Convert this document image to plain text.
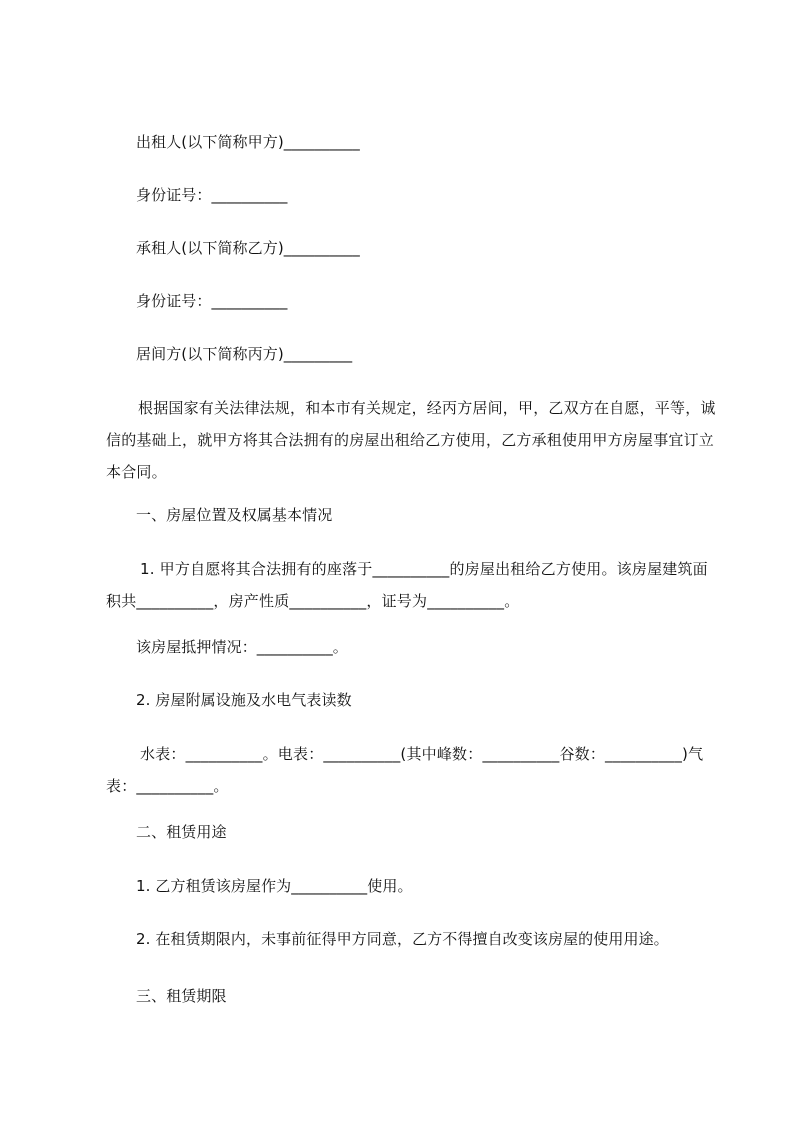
出租人(以下简称甲方)__________
身份证号：__________
承租人(以下简称乙方)__________
身份证号：__________
居间方(以下简称丙方)_________
根据国家有关法律法规，和本市有关规定，经丙方居间，甲，乙双方在自愿，平等，诚信的基础上，就甲方将其合法拥有的房屋出租给乙方使用，乙方承租使用甲方房屋事宜订立本合同。
一、房屋位置及权属基本情况
1. 甲方自愿将其合法拥有的座落于__________的房屋出租给乙方使用。该房屋建筑面积共__________，房产性质__________，证号为__________。
该房屋抵押情况：__________。
2. 房屋附属设施及水电气表读数
水表：__________。电表：__________(其中峰数：__________谷数：__________)气表：__________。
二、租赁用途
1. 乙方租赁该房屋作为__________使用。
2. 在租赁期限内，未事前征得甲方同意，乙方不得擅自改变该房屋的使用用途。
三、租赁期限
